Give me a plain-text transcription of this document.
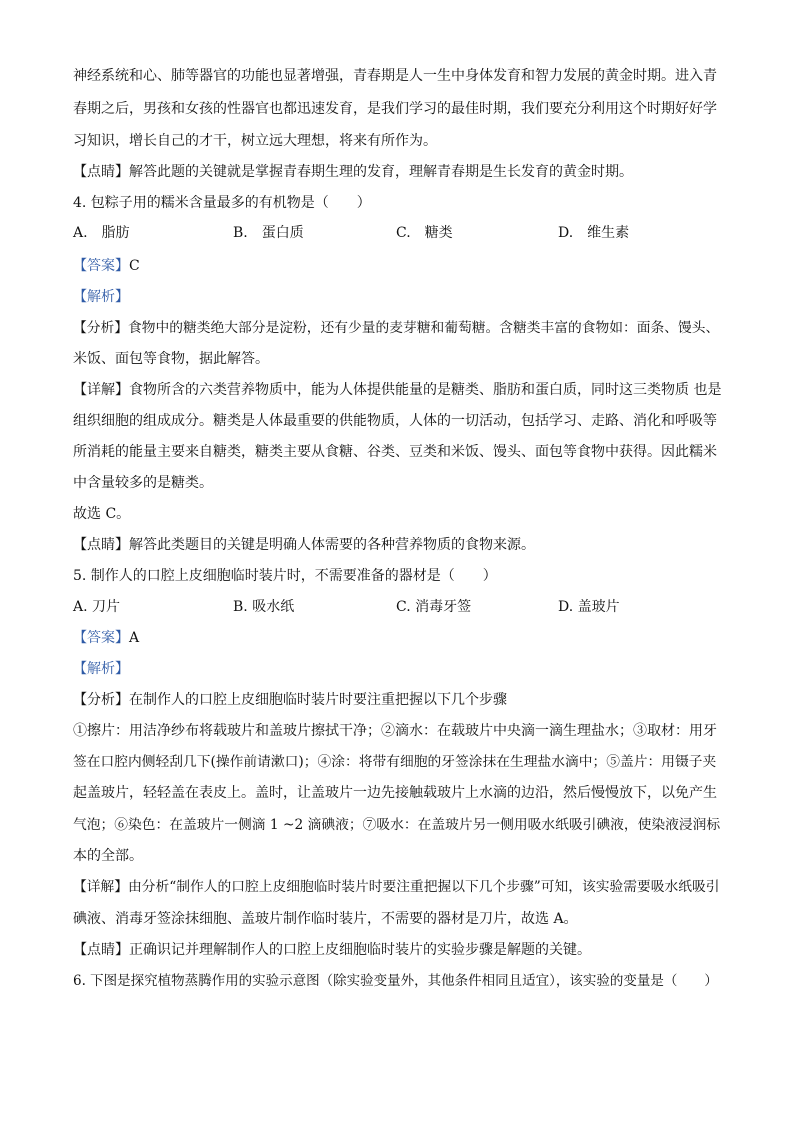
神经系统和心、肺等器官的功能也显著增强，青春期是人一生中身体发育和智力发展的黄金时期。进入青
春期之后，男孩和女孩的性器官也都迅速发育，是我们学习的最佳时期，我们要充分利用这个时期好好学
习知识，增长自己的才干，树立远大理想，将来有所作为。
【点睛】解答此题的关键就是掌握青春期生理的发育，理解青春期是生长发育的黄金时期。
4. 包粽子用的糯米含量最多的有机物是（　　）
A.　脂肪	B.　蛋白质	C.　糖类	D.　维生素
【答案】C
【解析】
【分析】食物中的糖类绝大部分是淀粉，还有少量的麦芽糖和葡萄糖。含糖类丰富的食物如：面条、馒头、
米饭、面包等食物，据此解答。
【详解】食物所含的六类营养物质中，能为人体提供能量的是糖类、脂肪和蛋白质，同时这三类物质 也是
组织细胞的组成成分。糖类是人体最重要的供能物质，人体的一切活动，包括学习、走路、消化和呼吸等
所消耗的能量主要来自糖类，糖类主要从食糖、谷类、豆类和米饭、馒头、面包等食物中获得。因此糯米
中含量较多的是糖类。
故选 C。
【点睛】解答此类题目的关键是明确人体需要的各种营养物质的食物来源。
5. 制作人的口腔上皮细胞临时装片时，不需要准备的器材是（　　）
A. 刀片	B. 吸水纸	C. 消毒牙签	D. 盖玻片
【答案】A
【解析】
【分析】在制作人的口腔上皮细胞临时装片时要注重把握以下几个步骤
①擦片：用洁净纱布将载玻片和盖玻片擦拭干净；②滴水：在载玻片中央滴一滴生理盐水；③取材：用牙
签在口腔内侧轻刮几下(操作前请漱口)；④涂：将带有细胞的牙签涂抹在生理盐水滴中；⑤盖片：用镊子夹
起盖玻片，轻轻盖在表皮上。盖时，让盖玻片一边先接触载玻片上水滴的边沿，然后慢慢放下，以免产生
气泡；⑥染色：在盖玻片一侧滴 1 ~2 滴碘液；⑦吸水：在盖玻片另一侧用吸水纸吸引碘液，使染液浸润标
本的全部。
【详解】由分析“制作人的口腔上皮细胞临时装片时要注重把握以下几个步骤”可知，该实验需要吸水纸吸引
碘液、消毒牙签涂抹细胞、盖玻片制作临时装片，不需要的器材是刀片，故选 A。
【点睛】正确识记并理解制作人的口腔上皮细胞临时装片的实验步骤是解题的关键。
6. 下图是探究植物蒸腾作用的实验示意图（除实验变量外，其他条件相同且适宜），该实验的变量是（　　）
